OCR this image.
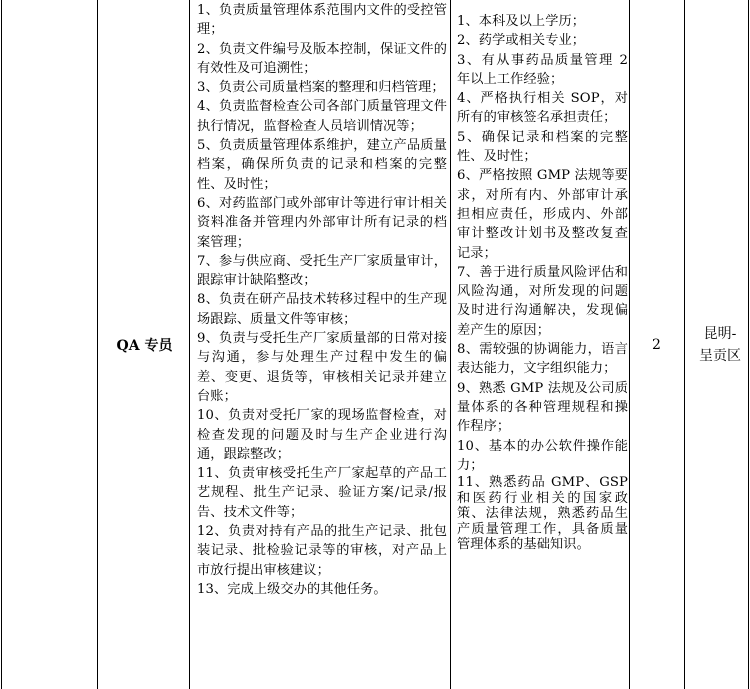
QA 专员

1、负责质量管理体系范围内文件的受控管理；

2、负责文件编号及版本控制，保证文件的有效性及可追溯性；

3、负责公司质量档案的整理和归档管理；

4、负责监督检查公司各部门质量管理文件执行情况，监督检查人员培训情况等；

5、负责质量管理体系维护，建立产品质量档案，确保所负责的记录和档案的完整性、及时性；

6、对药监部门或外部审计等进行审计相关资料准备并管理内外部审计所有记录的档案管理；

7、参与供应商、受托生产厂家质量审计，跟踪审计缺陷整改；

8、负责在研产品技术转移过程中的生产现场跟踪、质量文件等审核；

9、负责与受托生产厂家质量部的日常对接与沟通，参与处理生产过程中发生的偏差、变更、退货等，审核相关记录并建立台账；

10、负责对受托厂家的现场监督检查，对检查发现的问题及时与生产企业进行沟通，跟踪整改；

11、负责审核受托生产厂家起草的产品工艺规程、批生产记录、验证方案/记录/报告、技术文件等；

12、负责对持有产品的批生产记录、批包装记录、批检验记录等的审核，对产品上市放行提出审核建议；

13、完成上级交办的其他任务。

1、本科及以上学历；

2、药学或相关专业；

3、有从事药品质量管理 2 年以上工作经验；

4、严格执行相关 SOP，对所有的审核签名承担责任；

5、确保记录和档案的完整性、及时性；

6、严格按照 GMP 法规等要求，对所有内、外部审计承担相应责任，形成内、外部审计整改计划书及整改复查记录；

7、善于进行质量风险评估和风险沟通，对所发现的问题及时进行沟通解决，发现偏差产生的原因；

8、需较强的协调能力，语言表达能力，文字组织能力；

9、熟悉 GMP 法规及公司质量体系的各种管理规程和操作程序；

10、基本的办公软件操作能力；

11、熟悉药品 GMP、GSP 和医药行业相关的国家政策、法律法规，熟悉药品生产质量管理工作，具备质量管理体系的基础知识。

2
昆明-
呈贡区
